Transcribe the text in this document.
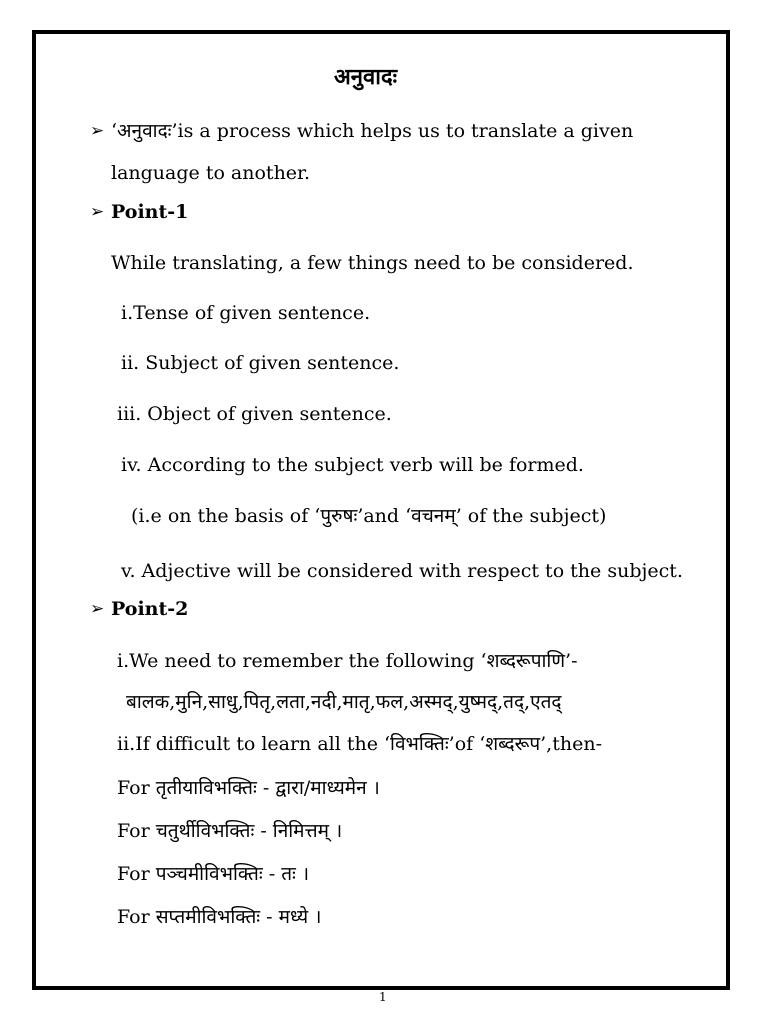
अनुवादः
➢ ‘अनुवादः’is a process which helps us to translate a given
language to another.
➢ Point-1
While translating, a few things need to be considered.
i.Tense of given sentence.
ii. Subject of given sentence.
iii. Object of given sentence.
iv. According to the subject verb will be formed.
(i.e on the basis of ‘पुरुषः’and ‘वचनम्’ of the subject)
v. Adjective will be considered with respect to the subject.
➢ Point-2
i.We need to remember the following ‘शब्दरूपाणि’-
बालक,मुनि,साधु,पितृ,लता,नदी,मातृ,फल,अस्मद्,युष्मद्,तद्,एतद्
ii.If difficult to learn all the ‘विभक्तिः’of ‘शब्दरूप’,then-
For तृतीयाविभक्तिः - द्वारा/माध्यमेन ।
For चतुर्थीविभक्तिः - निमित्तम् ।
For पञ्चमीविभक्तिः - तः ।
For सप्तमीविभक्तिः - मध्ये ।
1
